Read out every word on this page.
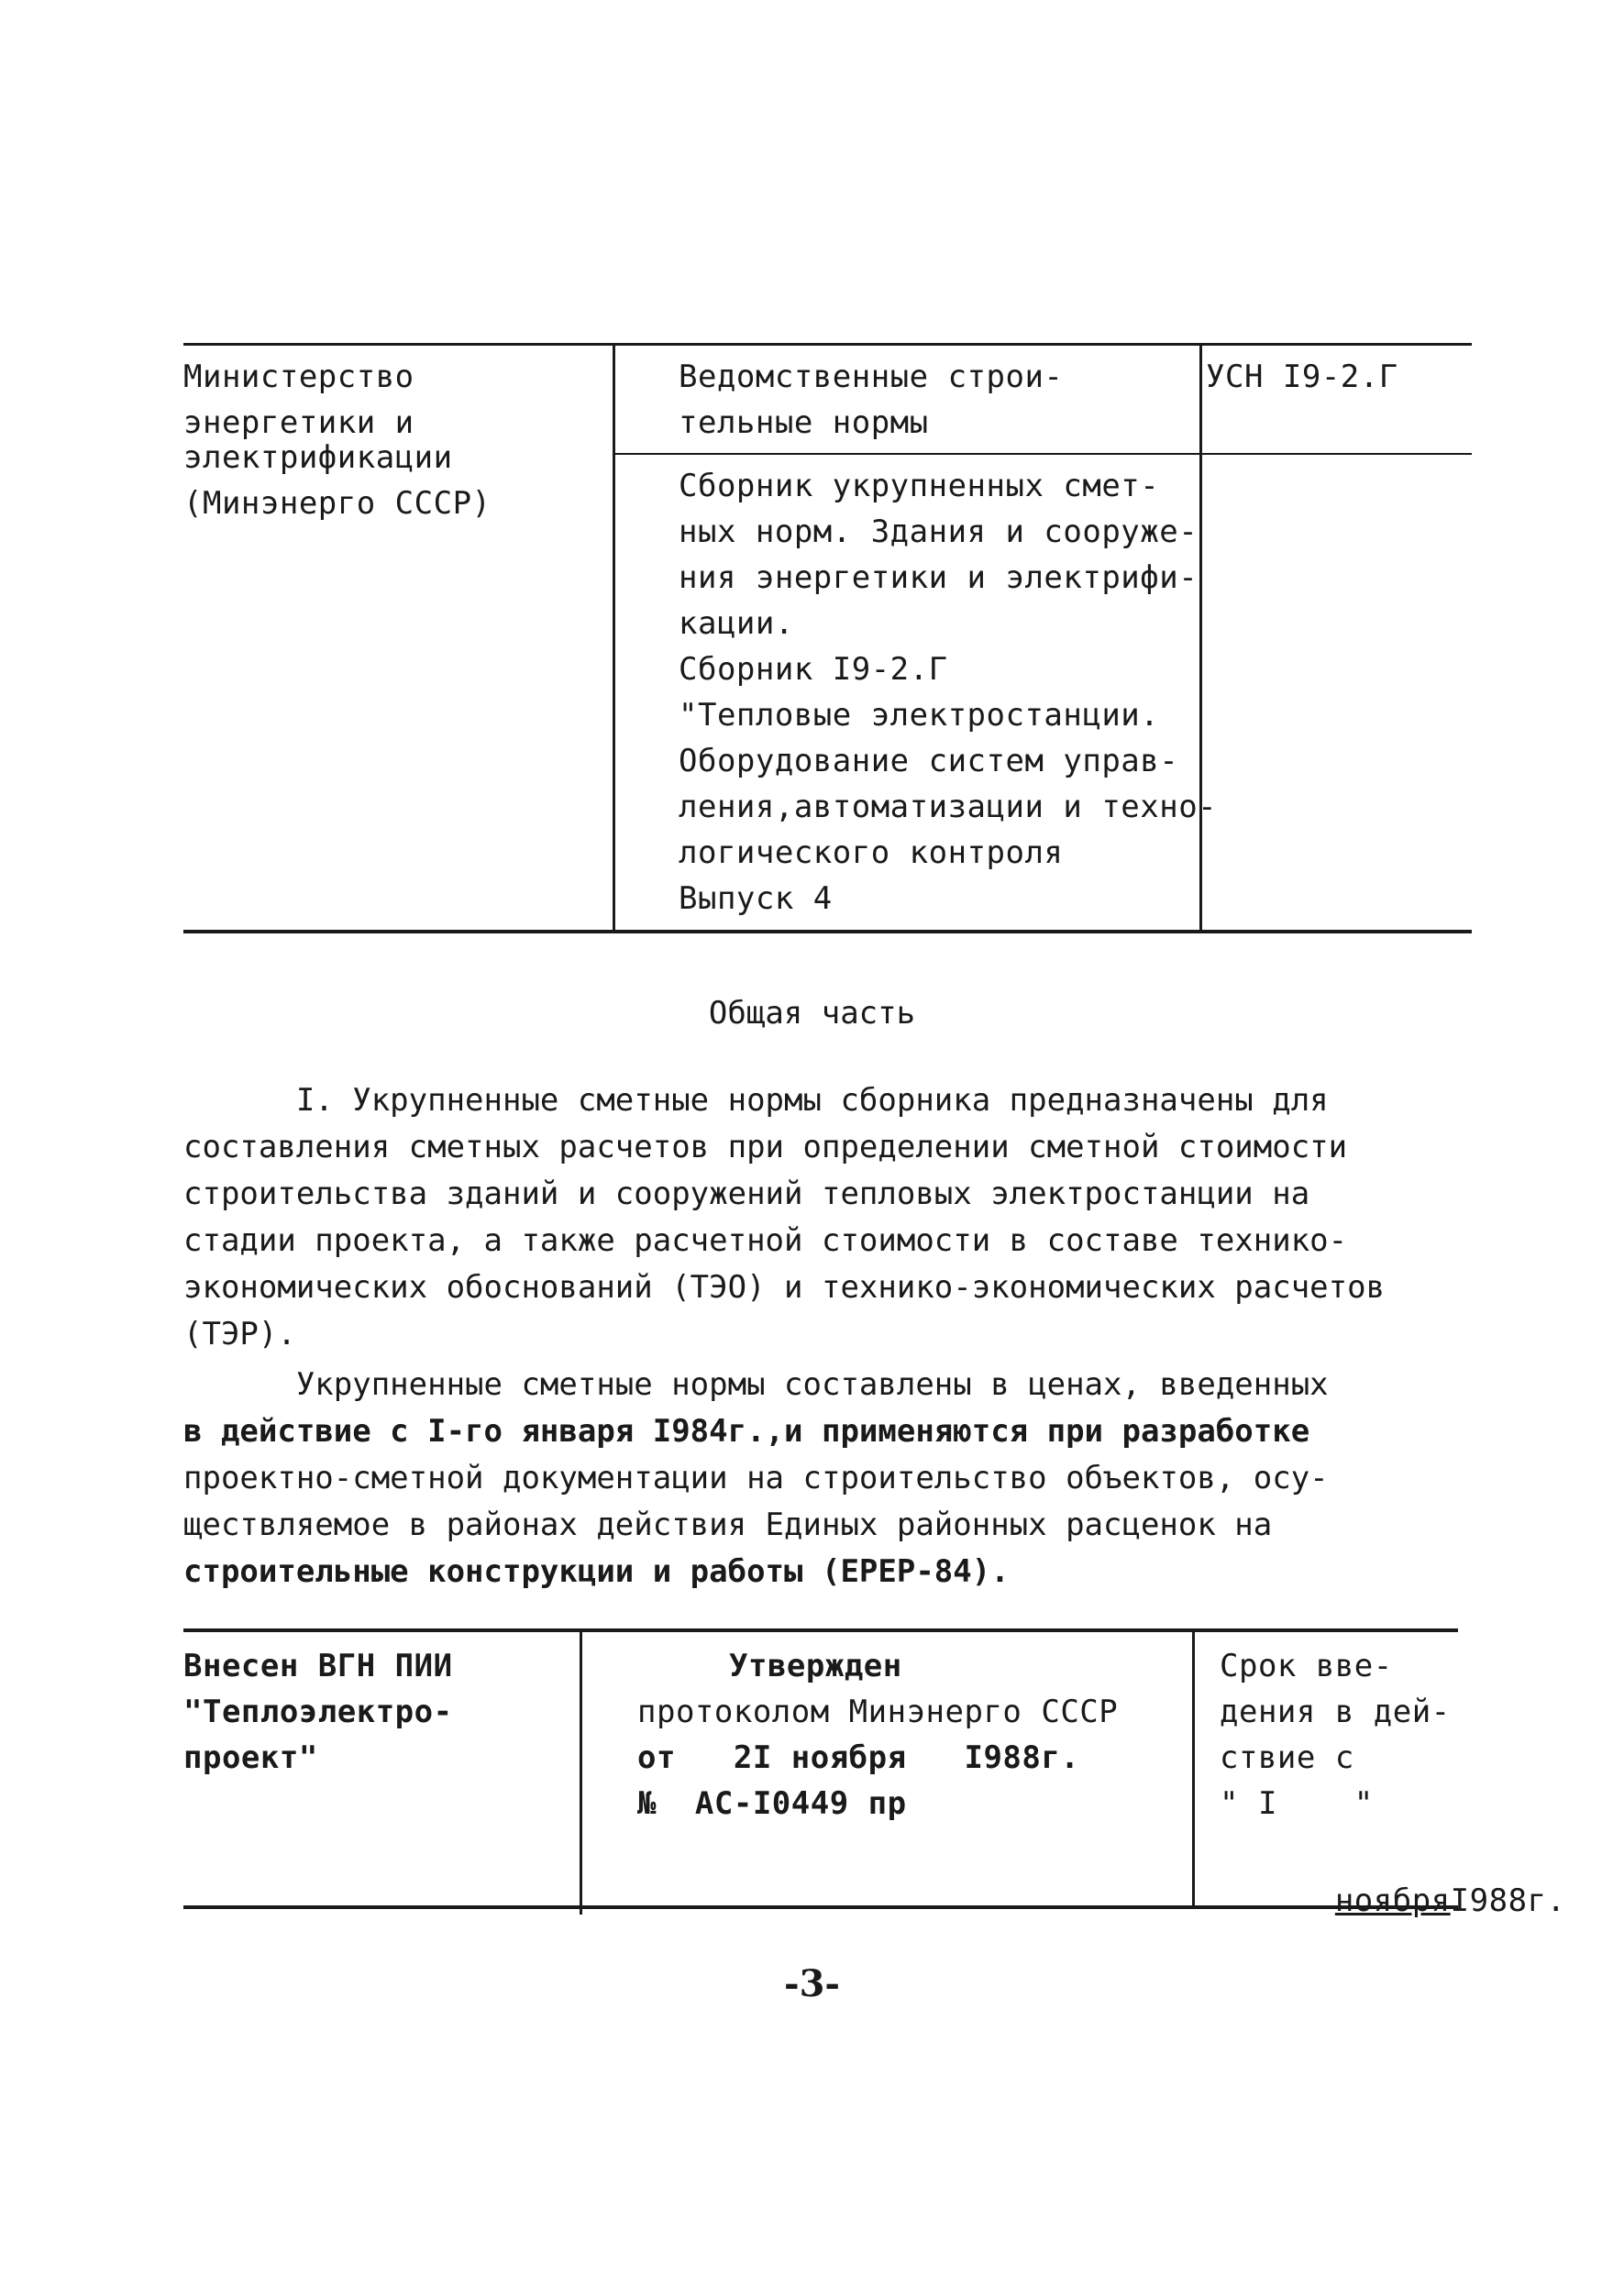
Министерство
энергетики и
электрификации
(Минэнерго СССР)
Ведомственные строи-
тельные нормы
УСН I9-2.Г
Сборник укрупненных смет-
ных норм. Здания и сооруже-
ния энергетики и электрифи-
кации.
Сборник I9-2.Г
"Тепловые электростанции.
Оборудование систем управ-
ления,автоматизации и техно-
логического контроля
Выпуск 4
Общая часть
I. Укрупненные сметные нормы сборника предназначены для
составления сметных расчетов при определении сметной стоимости
строительства зданий и сооружений тепловых электростанции на
стадии проекта, а также расчетной стоимости в составе технико-
экономических обоснований (ТЭО) и технико-экономических расчетов
(ТЭР).
Укрупненные сметные нормы составлены в ценах, введенных
в действие с I-го января I984г.,и применяются при разработке
проектно-сметной документации на строительство объектов, осу-
ществляемое в районах действия Единых районных расценок на
строительные конструкции и работы (ЕРЕР-84).
Внесен ВГН ПИИ
"Теплоэлектро-
проект"
Утвержден
протоколом Минэнерго СССР
от   2I ноября   I988г.
№  АС-I0449 пр
Срок вве-
дения в дей-
ствие с
" I    "

ноябряI988г.

-3-
